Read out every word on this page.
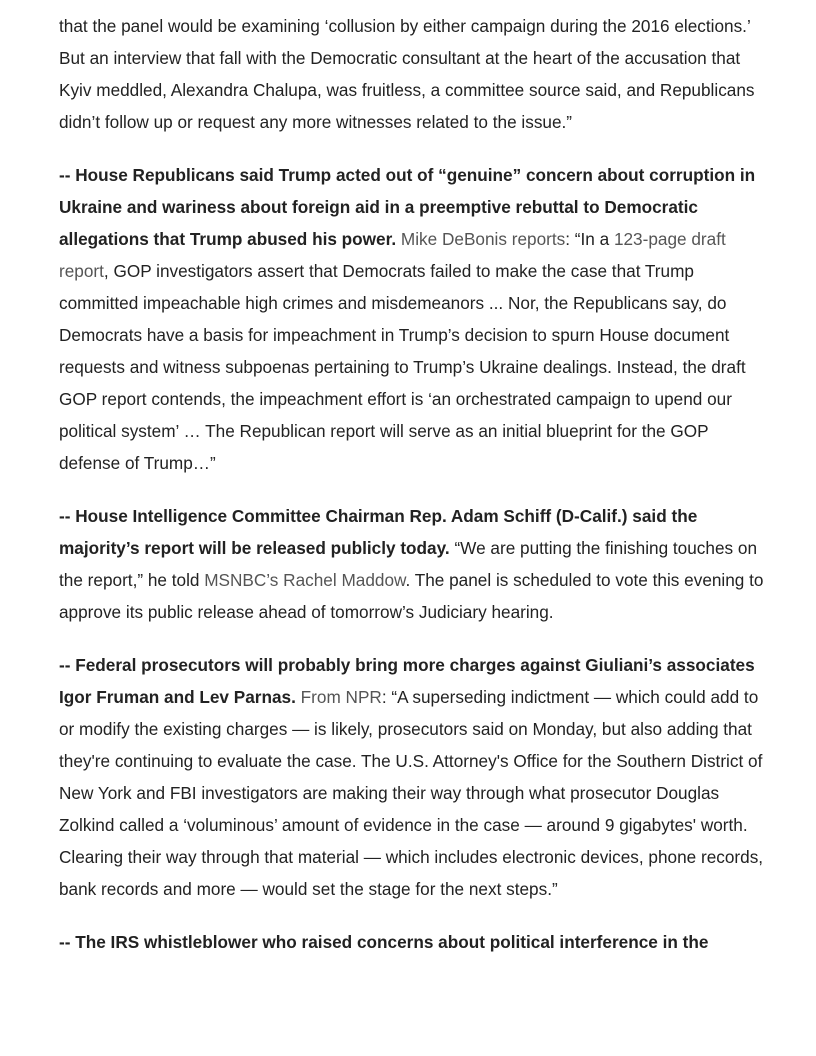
that the panel would be examining ‘collusion by either campaign during the 2016 elections.’ But an interview that fall with the Democratic consultant at the heart of the accusation that Kyiv meddled, Alexandra Chalupa, was fruitless, a committee source said, and Republicans didn’t follow up or request any more witnesses related to the issue.”

-- House Republicans said Trump acted out of “genuine” concern about corruption in Ukraine and wariness about foreign aid in a preemptive rebuttal to Democratic allegations that Trump abused his power. Mike DeBonis reports: “In a 123-page draft report, GOP investigators assert that Democrats failed to make the case that Trump committed impeachable high crimes and misdemeanors ... Nor, the Republicans say, do Democrats have a basis for impeachment in Trump’s decision to spurn House document requests and witness subpoenas pertaining to Trump’s Ukraine dealings. Instead, the draft GOP report contends, the impeachment effort is ‘an orchestrated campaign to upend our political system’ … The Republican report will serve as an initial blueprint for the GOP defense of Trump…”

-- House Intelligence Committee Chairman Rep. Adam Schiff (D-Calif.) said the majority’s report will be released publicly today. “We are putting the finishing touches on the report,” he told MSNBC’s Rachel Maddow. The panel is scheduled to vote this evening to approve its public release ahead of tomorrow’s Judiciary hearing.

-- Federal prosecutors will probably bring more charges against Giuliani’s associates Igor Fruman and Lev Parnas. From NPR: “A superseding indictment — which could add to or modify the existing charges — is likely, prosecutors said on Monday, but also adding that they're continuing to evaluate the case. The U.S. Attorney's Office for the Southern District of New York and FBI investigators are making their way through what prosecutor Douglas Zolkind called a ‘voluminous’ amount of evidence in the case — around 9 gigabytes' worth. Clearing their way through that material — which includes electronic devices, phone records, bank records and more — would set the stage for the next steps.”

-- The IRS whistleblower who raised concerns about political interference in the
